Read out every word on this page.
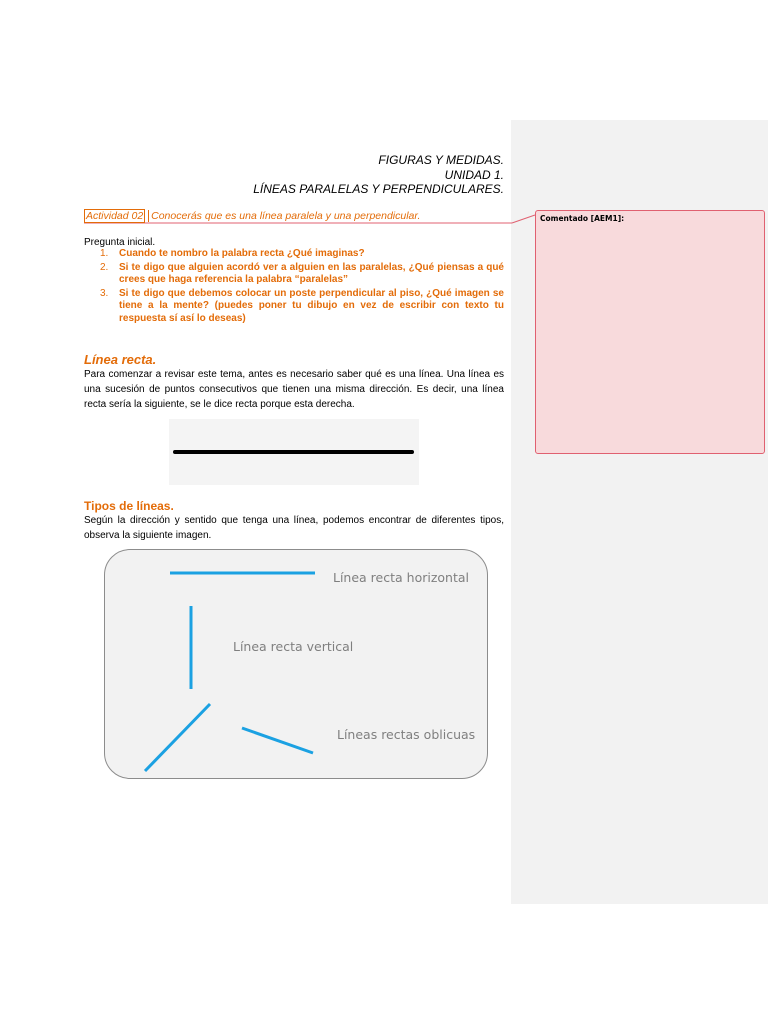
Comentado [AEM1]:
FIGURAS Y MEDIDAS.
UNIDAD 1.
LÍNEAS PARALELAS Y PERPENDICULARES.
Actividad 02 Conocerás que es una línea paralela y una perpendicular.
Pregunta inicial.
1. Cuando te nombro la palabra recta ¿Qué imaginas?
2. Si te digo que alguien acordó ver a alguien en las paralelas, ¿Qué piensas a qué crees que haga referencia la palabra “paralelas”
3. Si te digo que debemos colocar un poste perpendicular al piso, ¿Qué imagen se tiene a la mente? (puedes poner tu dibujo en vez de escribir con texto tu respuesta sí así lo deseas)
Línea recta.
Para comenzar a revisar este tema, antes es necesario saber qué es una línea. Una línea es una sucesión de puntos consecutivos que tienen una misma dirección. Es decir, una línea recta sería la siguiente, se le dice recta porque esta derecha.
Tipos de líneas.
Según la dirección y sentido que tenga una línea, podemos encontrar de diferentes tipos, observa la siguiente imagen.
Línea recta horizontal
Línea recta vertical
Líneas rectas oblicuas
